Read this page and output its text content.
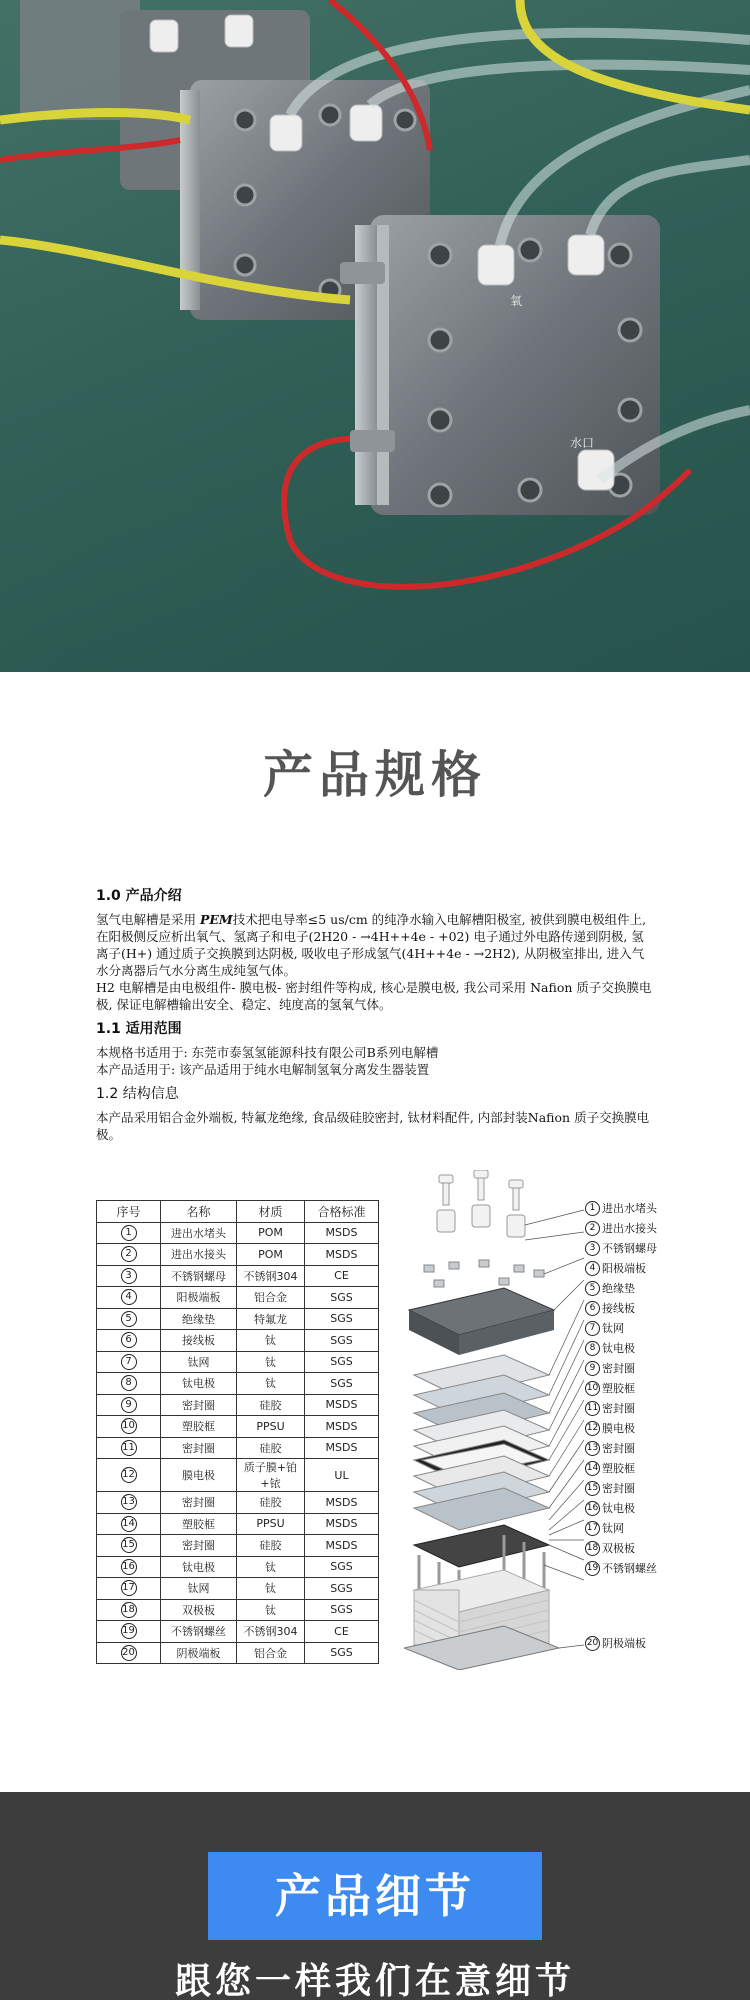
氧
水口
产品规格
1.0 产品介绍

氢气电解槽是采用 PEM技术把电导率≤5 us/cm 的纯净水输入电解槽阳极室, 被供到膜电极组件上, 在阳极侧反应析出氧气、氢离子和电子(2H20 - →4H++4e - +02) 电子通过外电路传递到阴极, 氢离子(H+) 通过质子交换膜到达阴极, 吸收电子形成氢气(4H++4e - →2H2), 从阴极室排出, 进入气水分离器后气水分离生成纯氢气体。

H2 电解槽是由电极组件- 膜电极- 密封组件等构成, 核心是膜电极, 我公司采用 Nafion 质子交换膜电极, 保证电解槽输出安全、稳定、纯度高的氢氧气体。

1.1 适用范围

本规格书适用于: 东莞市泰氢氢能源科技有限公司B系列电解槽

本产品适用于: 该产品适用于纯水电解制氢氧分离发生器装置

1.2 结构信息

本产品采用铝合金外端板, 特氟龙绝缘, 食品级硅胶密封, 钛材料配件, 内部封装Nafion 质子交换膜电极。

序号	名称	材质	合格标准
1	进出水堵头	POM	MSDS
2	进出水接头	POM	MSDS
3	不锈钢螺母	不锈钢304	CE
4	阳极端板	铝合金	SGS
5	绝缘垫	特氟龙	SGS
6	接线板	钛	SGS
7	钛网	钛	SGS
8	钛电极	钛	SGS
9	密封圈	硅胶	MSDS
10	塑胶框	PPSU	MSDS
11	密封圈	硅胶	MSDS
12	膜电极	质子膜+铂+铱	UL
13	密封圈	硅胶	MSDS
14	塑胶框	PPSU	MSDS
15	密封圈	硅胶	MSDS
16	钛电极	钛	SGS
17	钛网	钛	SGS
18	双极板	钛	SGS
19	不锈钢螺丝	不锈钢304	CE
20	阴极端板	铝合金	SGS
1 进出水堵头
2 进出水接头
3 不锈钢螺母
4 阳极端板
5 绝缘垫
6 接线板
7 钛网
8 钛电极
9 密封圈
10 塑胶框
11 密封圈
12 膜电极
13 密封圈
14 塑胶框
15 密封圈
16 钛电极
17 钛网
18 双极板
19 不锈钢螺丝
20 阴极端板
产品细节
跟您一样我们在意细节
